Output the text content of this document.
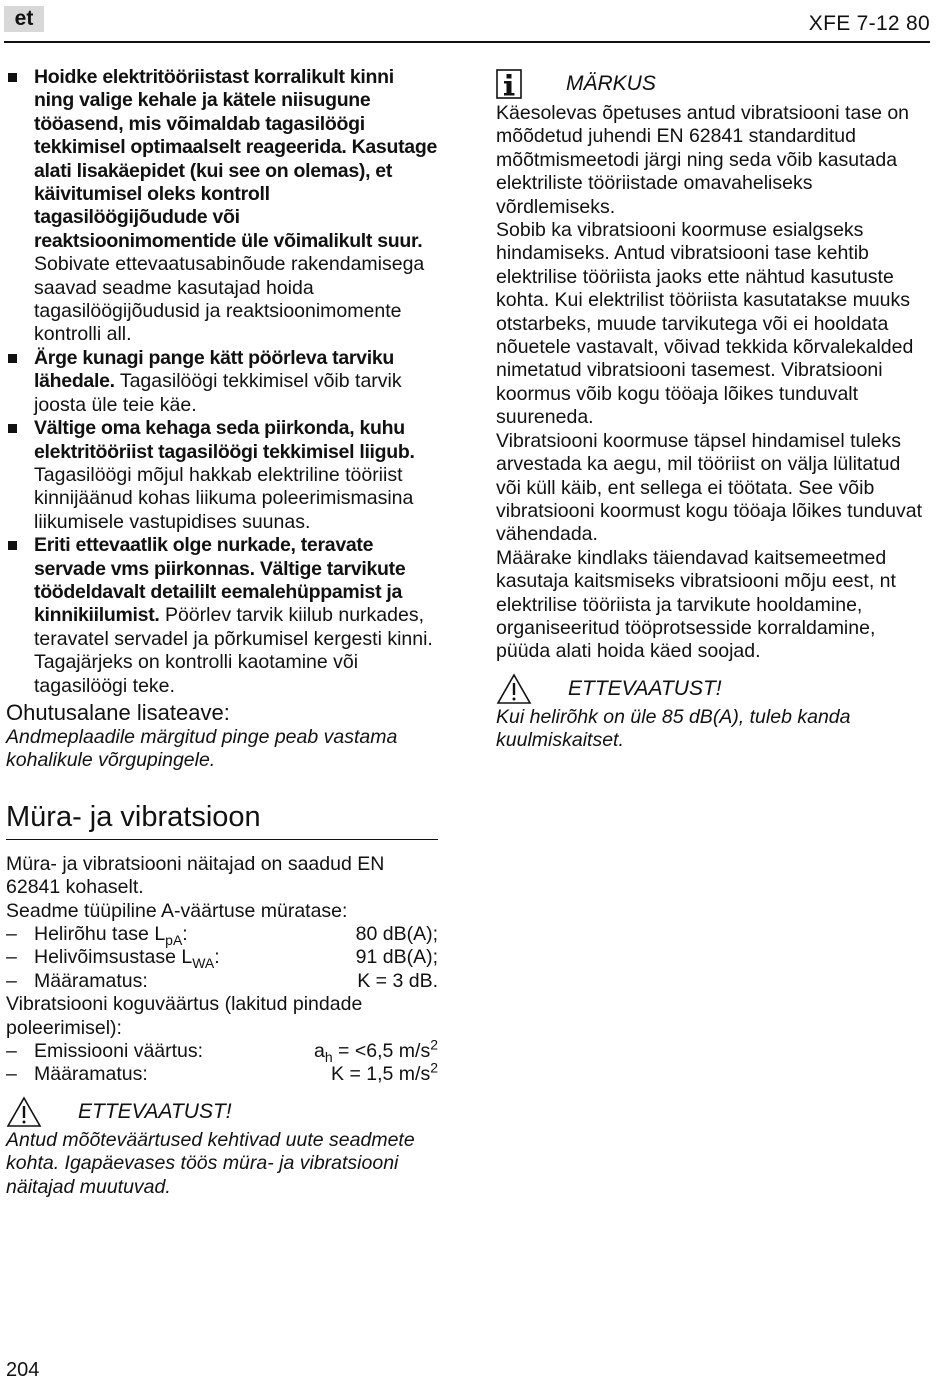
et	XFE 7-12 80
Hoidke elektritööriistast korralikult kinni ning valige kehale ja kätele niisugune tööasend, mis võimaldab tagasilöögi tekkimisel optimaalselt reageerida. Kasutage alati lisakäepidet (kui see on olemas), et käivitumisel oleks kontroll tagasilöögijõudude või reaktsioonimomentide üle võimalikult suur. Sobivate ettevaatusabinõude rakendamisega saavad seadme kasutajad hoida tagasilöögijõudusid ja reaktsioonimomente kontrolli all.
Ärge kunagi pange kätt pöörleva tarviku lähedale. Tagasilöögi tekkimisel võib tarvik joosta üle teie käe.
Vältige oma kehaga seda piirkonda, kuhu elektritööriist tagasilöögi tekkimisel liigub. Tagasilöögi mõjul hakkab elektriline tööriist kinnijäänud kohas liikuma poleerimismasina liikumisele vastupidises suunas.
Eriti ettevaatlik olge nurkade, teravate servade vms piirkonnas. Vältige tarvikute töödeldavalt detaililt eemalehüppamist ja kinnikiilumist. Pöörlev tarvik kiilub nurkades, teravatel servadel ja põrkumisel kergesti kinni. Tagajärjeks on kontrolli kaotamine või tagasilöögi teke.
Ohutusalane lisateave:
Andmeplaadile märgitud pinge peab vastama kohalikule võrgupingele.
Müra- ja vibratsioon

Müra- ja vibratsiooni näitajad on saadud EN 62841 kohaselt.

Seadme tüüpiline A-väärtuse müratase:

– Helirõhu tase $L_{pA}$:	80 dB(A);
– Helivõimsustase $L_{WA}$:	91 dB(A);
– Määramatus:	K = 3 dB.

Vibratsiooni koguväärtus (lakitud pindade poleerimisel):

– Emissiooni väärtus:	$a_h = <6,5$ $m/s^2$
– Määramatus:	K = 1,5 $m/s^2$
ETTEVAATUST!
Antud mõõteväärtused kehtivad uute seadmete kohta. Igapäevases töös müra- ja vibratsiooni näitajad muutuvad.
MÄRKUS

Käesolevas õpetuses antud vibratsiooni tase on mõõdetud juhendi EN 62841 standarditud mõõtmismeetodi järgi ning seda võib kasutada elektriliste tööriistade omavaheliseks võrdlemiseks.

Sobib ka vibratsiooni koormuse esialgseks hindamiseks. Antud vibratsiooni tase kehtib elektrilise tööriista jaoks ette nähtud kasutuste kohta. Kui elektrilist tööriista kasutatakse muuks otstarbeks, muude tarvikutega või ei hooldata nõuetele vastavalt, võivad tekkida kõrvalekalded nimetatud vibratsiooni tasemest. Vibratsiooni koormus võib kogu tööaja lõikes tunduvalt suureneda.

Vibratsiooni koormuse täpsel hindamisel tuleks arvestada ka aegu, mil tööriist on välja lülitatud või küll käib, ent sellega ei töötata. See võib vibratsiooni koormust kogu tööaja lõikes tunduvat vähendada.

Määrake kindlaks täiendavad kaitsemeetmed kasutaja kaitsmiseks vibratsiooni mõju eest, nt elektrilise tööriista ja tarvikute hooldamine, organiseeritud tööprotsesside korraldamine, püüda alati hoida käed soojad.

ETTEVAATUST!
Kui helirõhk on üle 85 dB(A), tuleb kanda kuulmiskaitset.
204
